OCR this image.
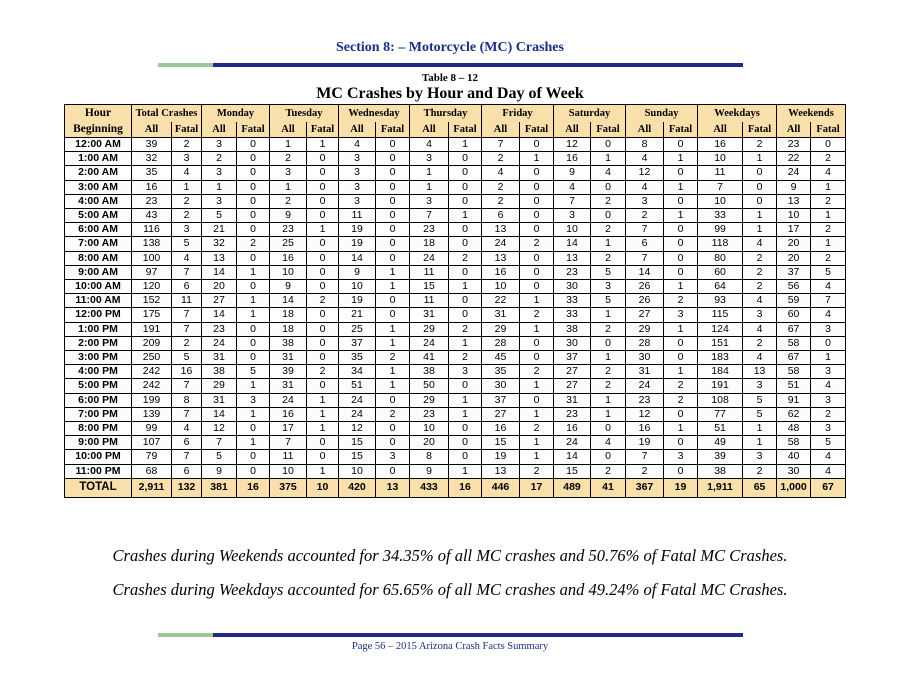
Section 8: – Motorcycle (MC) Crashes
Table 8 – 12
MC Crashes by Hour and Day of Week
Hour Beginning	Total Crashes		Monday		Tuesday		Wednesday		Thursday		Friday		Saturday		Sunday		Weekdays		Weekends	
	All	Fatal	All	Fatal	All	Fatal	All	Fatal	All	Fatal	All	Fatal	All	Fatal	All	Fatal	All	Fatal	All	Fatal
12:00 AM	39	2	3	0	1	1	4	0	4	1	7	0	12	0	8	0	16	2	23	0
1:00 AM	32	3	2	0	2	0	3	0	3	0	2	1	16	1	4	1	10	1	22	2
2:00 AM	35	4	3	0	3	0	3	0	1	0	4	0	9	4	12	0	11	0	24	4
3:00 AM	16	1	1	0	1	0	3	0	1	0	2	0	4	0	4	1	7	0	9	1
4:00 AM	23	2	3	0	2	0	3	0	3	0	2	0	7	2	3	0	10	0	13	2
5:00 AM	43	2	5	0	9	0	11	0	7	1	6	0	3	0	2	1	33	1	10	1
6:00 AM	116	3	21	0	23	1	19	0	23	0	13	0	10	2	7	0	99	1	17	2
7:00 AM	138	5	32	2	25	0	19	0	18	0	24	2	14	1	6	0	118	4	20	1
8:00 AM	100	4	13	0	16	0	14	0	24	2	13	0	13	2	7	0	80	2	20	2
9:00 AM	97	7	14	1	10	0	9	1	11	0	16	0	23	5	14	0	60	2	37	5
10:00 AM	120	6	20	0	9	0	10	1	15	1	10	0	30	3	26	1	64	2	56	4
11:00 AM	152	11	27	1	14	2	19	0	11	0	22	1	33	5	26	2	93	4	59	7
12:00 PM	175	7	14	1	18	0	21	0	31	0	31	2	33	1	27	3	115	3	60	4
1:00 PM	191	7	23	0	18	0	25	1	29	2	29	1	38	2	29	1	124	4	67	3
2:00 PM	209	2	24	0	38	0	37	1	24	1	28	0	30	0	28	0	151	2	58	0
3:00 PM	250	5	31	0	31	0	35	2	41	2	45	0	37	1	30	0	183	4	67	1
4:00 PM	242	16	38	5	39	2	34	1	38	3	35	2	27	2	31	1	184	13	58	3
5:00 PM	242	7	29	1	31	0	51	1	50	0	30	1	27	2	24	2	191	3	51	4
6:00 PM	199	8	31	3	24	1	24	0	29	1	37	0	31	1	23	2	108	5	91	3
7:00 PM	139	7	14	1	16	1	24	2	23	1	27	1	23	1	12	0	77	5	62	2
8:00 PM	99	4	12	0	17	1	12	0	10	0	16	2	16	0	16	1	51	1	48	3
9:00 PM	107	6	7	1	7	0	15	0	20	0	15	1	24	4	19	0	49	1	58	5
10:00 PM	79	7	5	0	11	0	15	3	8	0	19	1	14	0	7	3	39	3	40	4
11:00 PM	68	6	9	0	10	1	10	0	9	1	13	2	15	2	2	0	38	2	30	4
TOTAL	2,911	132	381	16	375	10	420	13	433	16	446	17	489	41	367	19	1,911	65	1,000	67
Crashes during Weekends accounted for 34.35% of all MC crashes and 50.76% of Fatal MC Crashes.
Crashes during Weekdays accounted for 65.65% of all MC crashes and 49.24% of Fatal MC Crashes.
Page 56 – 2015 Arizona Crash Facts Summary
